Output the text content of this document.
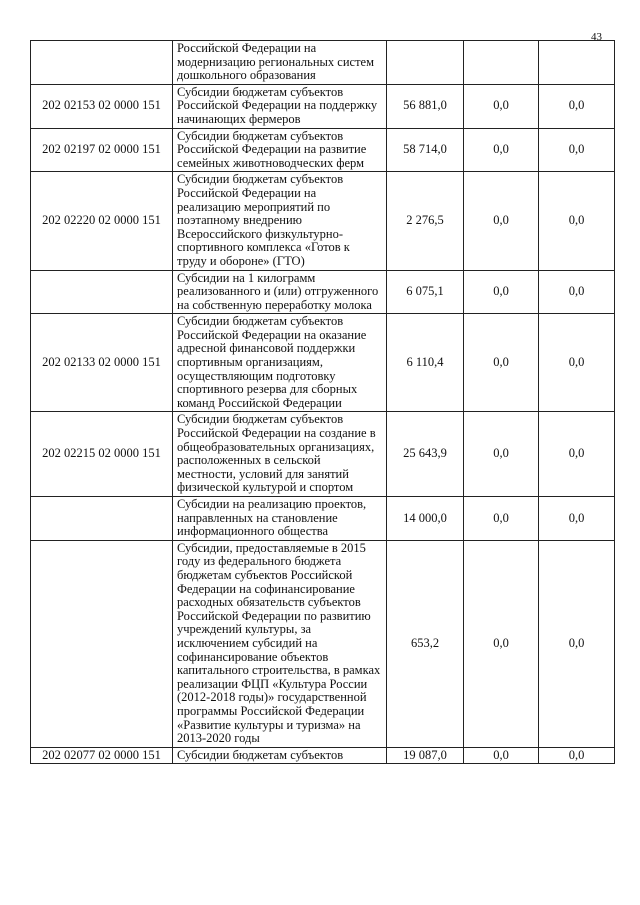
43
	Российской Федерации на модернизацию региональных систем дошкольного образования			
202 02153 02 0000 151	Субсидии бюджетам субъектов Российской Федерации на поддержку начинающих фермеров	56 881,0	0,0	0,0
202 02197 02 0000 151	Субсидии бюджетам субъектов Российской Федерации на развитие семейных животноводческих ферм	58 714,0	0,0	0,0
202 02220 02 0000 151	Субсидии бюджетам субъектов Российской Федерации на реализацию мероприятий по поэтапному внедрению Всероссийского физкультурно-спортивного комплекса «Готов к труду и обороне» (ГТО)	2 276,5	0,0	0,0
	Субсидии на 1 килограмм реализованного и (или) отгруженного на собственную переработку молока	6 075,1	0,0	0,0
202 02133 02 0000 151	Субсидии бюджетам субъектов Российской Федерации на оказание адресной финансовой поддержки спортивным организациям, осуществляющим подготовку спортивного резерва для сборных команд Российской Федерации	6 110,4	0,0	0,0
202 02215 02 0000 151	Субсидии бюджетам субъектов Российской Федерации на создание в общеобразовательных организациях, расположенных в сельской местности, условий для занятий физической культурой и спортом	25 643,9	0,0	0,0
	Субсидии на реализацию проектов, направленных на становление информационного общества	14 000,0	0,0	0,0
	Субсидии, предоставляемые в 2015 году из федерального бюджета бюджетам субъектов Российской Федерации на софинансирование расходных обязательств субъектов Российской Федерации по развитию учреждений культуры, за исключением субсидий на софинансирование объектов капитального строительства, в рамках реализации ФЦП «Культура России (2012-2018 годы)» государственной программы Российской Федерации «Развитие культуры и туризма» на 2013-2020 годы	653,2	0,0	0,0
202 02077 02 0000 151	Субсидии бюджетам субъектов	19 087,0	0,0	0,0
